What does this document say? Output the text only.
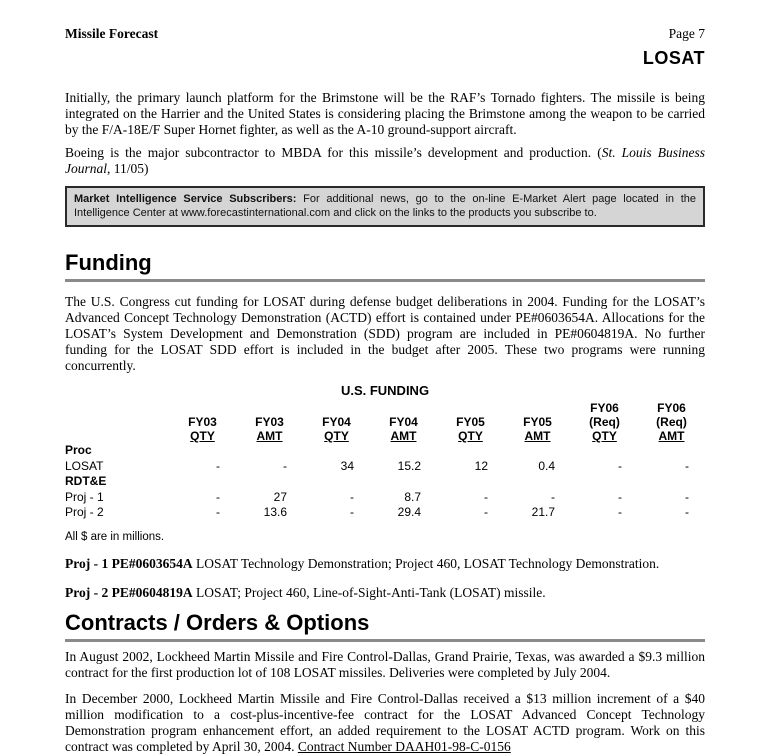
Missile Forecast	Page 7
LOSAT

Initially, the primary launch platform for the Brimstone will be the RAF’s Tornado fighters. The missile is being integrated on the Harrier and the United States is considering placing the Brimstone among the weapon to be carried by the F/A-18E/F Super Hornet fighter, as well as the A-10 ground-support aircraft.

Boeing is the major subcontractor to MBDA for this missile’s development and production. (St. Louis Business Journal, 11/05)

Market Intelligence Service Subscribers: For additional news, go to the on-line E-Market Alert page located in the Intelligence Center at www.forecastinternational.com and click on the links to the products you subscribe to.
Funding

The U.S. Congress cut funding for LOSAT during defense budget deliberations in 2004. Funding for the LOSAT’s Advanced Concept Technology Demonstration (ACTD) effort is contained under PE#0603654A. Allocations for the LOSAT’s System Development and Demonstration (SDD) program are included in PE#0604819A. No further funding for the LOSAT SDD effort is included in the budget after 2005. These two programs were running concurrently.

U.S. FUNDING
							FY06	FY06
	FY03	FY03	FY04	FY04	FY05	FY05	(Req)	(Req)
	QTY	AMT	QTY	AMT	QTY	AMT	QTY	AMT
Proc								
LOSAT	-	-	34	15.2	12	0.4	-	-
RDT&E								
Proj - 1	-	27	-	8.7	-	-	-	-
Proj - 2	-	13.6	-	29.4	-	21.7	-	-
All $ are in millions.

Proj - 1 PE#0603654A LOSAT Technology Demonstration; Project 460, LOSAT Technology Demonstration.

Proj - 2 PE#0604819A LOSAT; Project 460, Line-of-Sight-Anti-Tank (LOSAT) missile.

Contracts / Orders & Options

In August 2002, Lockheed Martin Missile and Fire Control-Dallas, Grand Prairie, Texas, was awarded a $9.3 million contract for the first production lot of 108 LOSAT missiles. Deliveries were completed by July 2004.

In December 2000, Lockheed Martin Missile and Fire Control-Dallas received a $13 million increment of a $40 million modification to a cost-plus-incentive-fee contract for the LOSAT Advanced Concept Technology Demonstration program enhancement effort, an added requirement to the LOSAT ACTD program. Work on this contract was completed by April 30, 2004. Contract Number DAAH01-98-C-0156
